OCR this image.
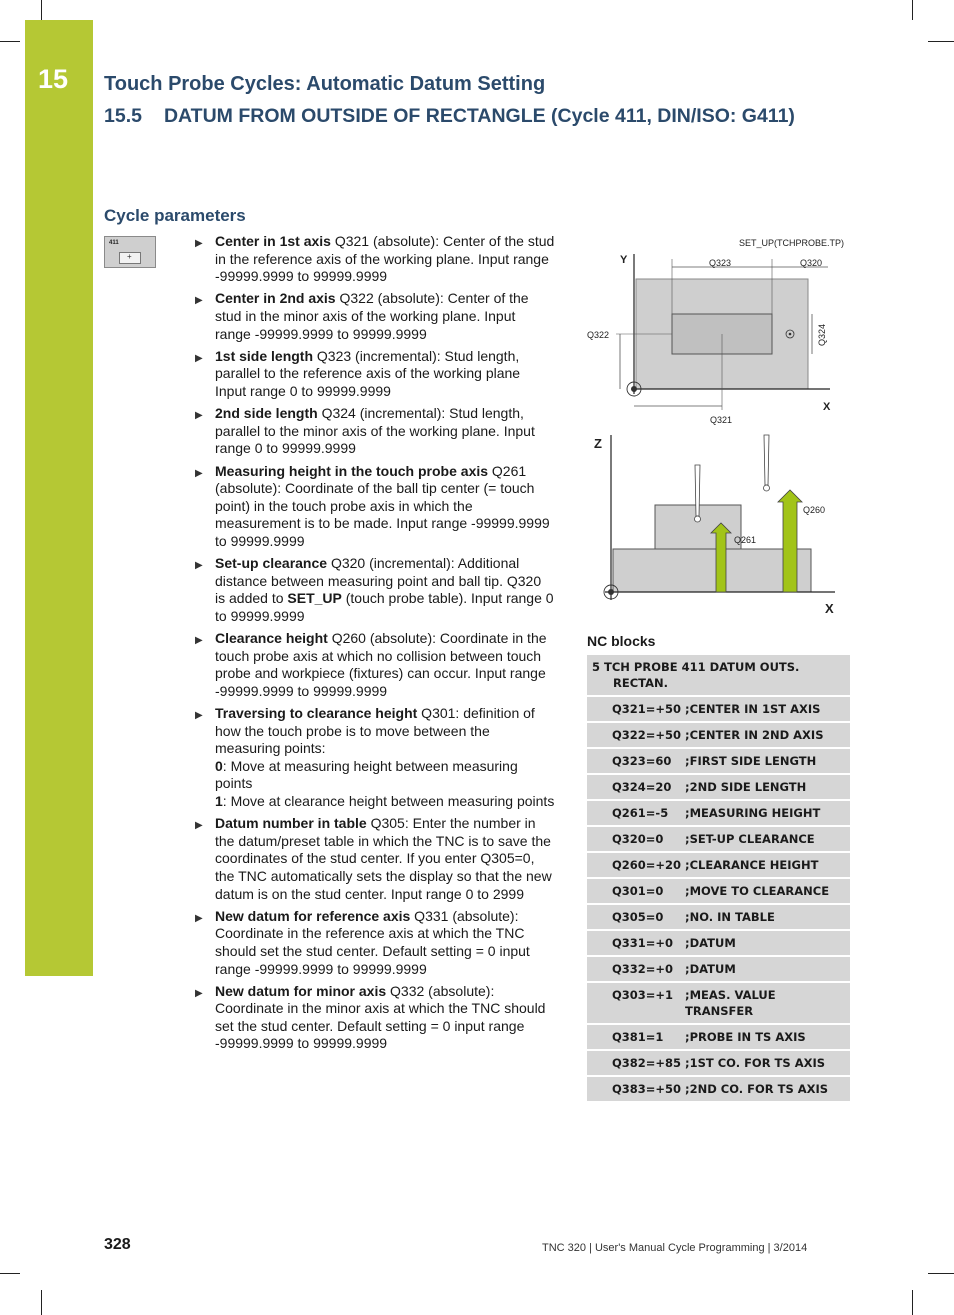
15	Touch Probe Cycles: Automatic Datum Setting
15.5 DATUM FROM OUTSIDE OF RECTANGLE (Cycle 411, DIN/ISO: G411)
Cycle parameters
411
+
▶ Center in 1st axis Q321 (absolute): Center of the stud in the reference axis of the working plane. Input range -99999.9999 to 99999.9999
▶ Center in 2nd axis Q322 (absolute): Center of the stud in the minor axis of the working plane. Input range -99999.9999 to 99999.9999
▶ 1st side length Q323 (incremental): Stud length, parallel to the reference axis of the working plane Input range 0 to 99999.9999
▶ 2nd side length Q324 (incremental): Stud length, parallel to the minor axis of the working plane. Input range 0 to 99999.9999
▶ Measuring height in the touch probe axis Q261 (absolute): Coordinate of the ball tip center (= touch point) in the touch probe axis in which the measurement is to be made. Input range -99999.9999 to 99999.9999
▶ Set-up clearance Q320 (incremental): Additional distance between measuring point and ball tip. Q320 is added to SET_UP (touch probe table). Input range 0 to 99999.9999
▶ Clearance height Q260 (absolute): Coordinate in the touch probe axis at which no collision between touch probe and workpiece (fixtures) can occur. Input range -99999.9999 to 99999.9999
▶ Traversing to clearance height Q301: definition of how the touch probe is to move between the measuring points:
0: Move at measuring height between measuring points
1: Move at clearance height between measuring points
▶ Datum number in table Q305: Enter the number in the datum/preset table in which the TNC is to save the coordinates of the stud center. If you enter Q305=0, the TNC automatically sets the display so that the new datum is on the stud center. Input range 0 to 2999
▶ New datum for reference axis Q331 (absolute): Coordinate in the reference axis at which the TNC should set the stud center. Default setting = 0 input range -99999.9999 to 99999.9999
▶ New datum for minor axis Q332 (absolute): Coordinate in the minor axis at which the TNC should set the stud center. Default setting = 0 input range -99999.9999 to 99999.9999
SET_UP(TCHPROBE.TP)
Y
X
Q323	Q320
Q322	Q324
Q321
Z
X
Q261
Q260
NC blocks
5 TCH PROBE 411 DATUM OUTS.
RECTAN.
Q321=+50 ;CENTER IN 1ST AXIS
Q322=+50 ;CENTER IN 2ND AXIS
Q323=60	;FIRST SIDE LENGTH
Q324=20	;2ND SIDE LENGTH
Q261=-5	;MEASURING HEIGHT
Q320=0	;SET-UP CLEARANCE
Q260=+20 ;CLEARANCE HEIGHT
Q301=0	;MOVE TO CLEARANCE
Q305=0	;NO. IN TABLE
Q331=+0	;DATUM
Q332=+0	;DATUM
Q303=+1	;MEAS. VALUE TRANSFER
Q381=1	;PROBE IN TS AXIS
Q382=+85 ;1ST CO. FOR TS AXIS
Q383=+50 ;2ND CO. FOR TS AXIS
328	TNC 320 | User's Manual Cycle Programming | 3/2014
